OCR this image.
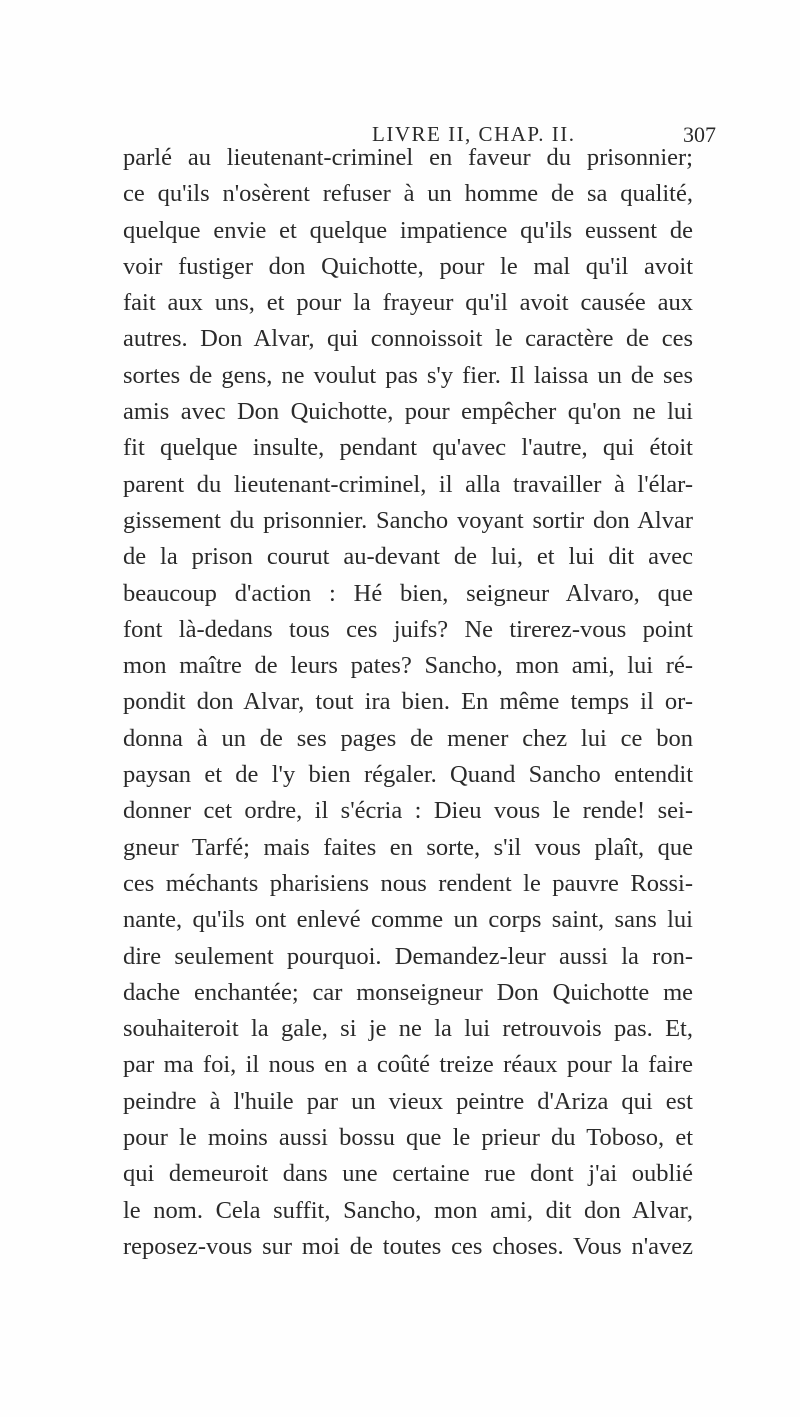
LIVRE II, CHAP. II.	307
parlé au lieutenant-criminel en faveur du prisonnier;
ce qu'ils n'osèrent refuser à un homme de sa qualité,
quelque envie et quelque impatience qu'ils eussent de
voir fustiger don Quichotte, pour le mal qu'il avoit
fait aux uns, et pour la frayeur qu'il avoit causée aux
autres. Don Alvar, qui connoissoit le caractère de ces
sortes de gens, ne voulut pas s'y fier. Il laissa un de ses
amis avec Don Quichotte, pour empêcher qu'on ne lui
fit quelque insulte, pendant qu'avec l'autre, qui étoit
parent du lieutenant-criminel, il alla travailler à l'élar-
gissement du prisonnier. Sancho voyant sortir don Alvar
de la prison courut au-devant de lui, et lui dit avec
beaucoup d'action : Hé bien, seigneur Alvaro, que
font là-dedans tous ces juifs? Ne tirerez-vous point
mon maître de leurs pates? Sancho, mon ami, lui ré-
pondit don Alvar, tout ira bien. En même temps il or-
donna à un de ses pages de mener chez lui ce bon
paysan et de l'y bien régaler. Quand Sancho entendit
donner cet ordre, il s'écria : Dieu vous le rende! sei-
gneur Tarfé; mais faites en sorte, s'il vous plaît, que
ces méchants pharisiens nous rendent le pauvre Rossi-
nante, qu'ils ont enlevé comme un corps saint, sans lui
dire seulement pourquoi. Demandez-leur aussi la ron-
dache enchantée; car monseigneur Don Quichotte me
souhaiteroit la gale, si je ne la lui retrouvois pas. Et,
par ma foi, il nous en a coûté treize réaux pour la faire
peindre à l'huile par un vieux peintre d'Ariza qui est
pour le moins aussi bossu que le prieur du Toboso, et
qui demeuroit dans une certaine rue dont j'ai oublié
le nom. Cela suffit, Sancho, mon ami, dit don Alvar,
reposez-vous sur moi de toutes ces choses. Vous n'avez
